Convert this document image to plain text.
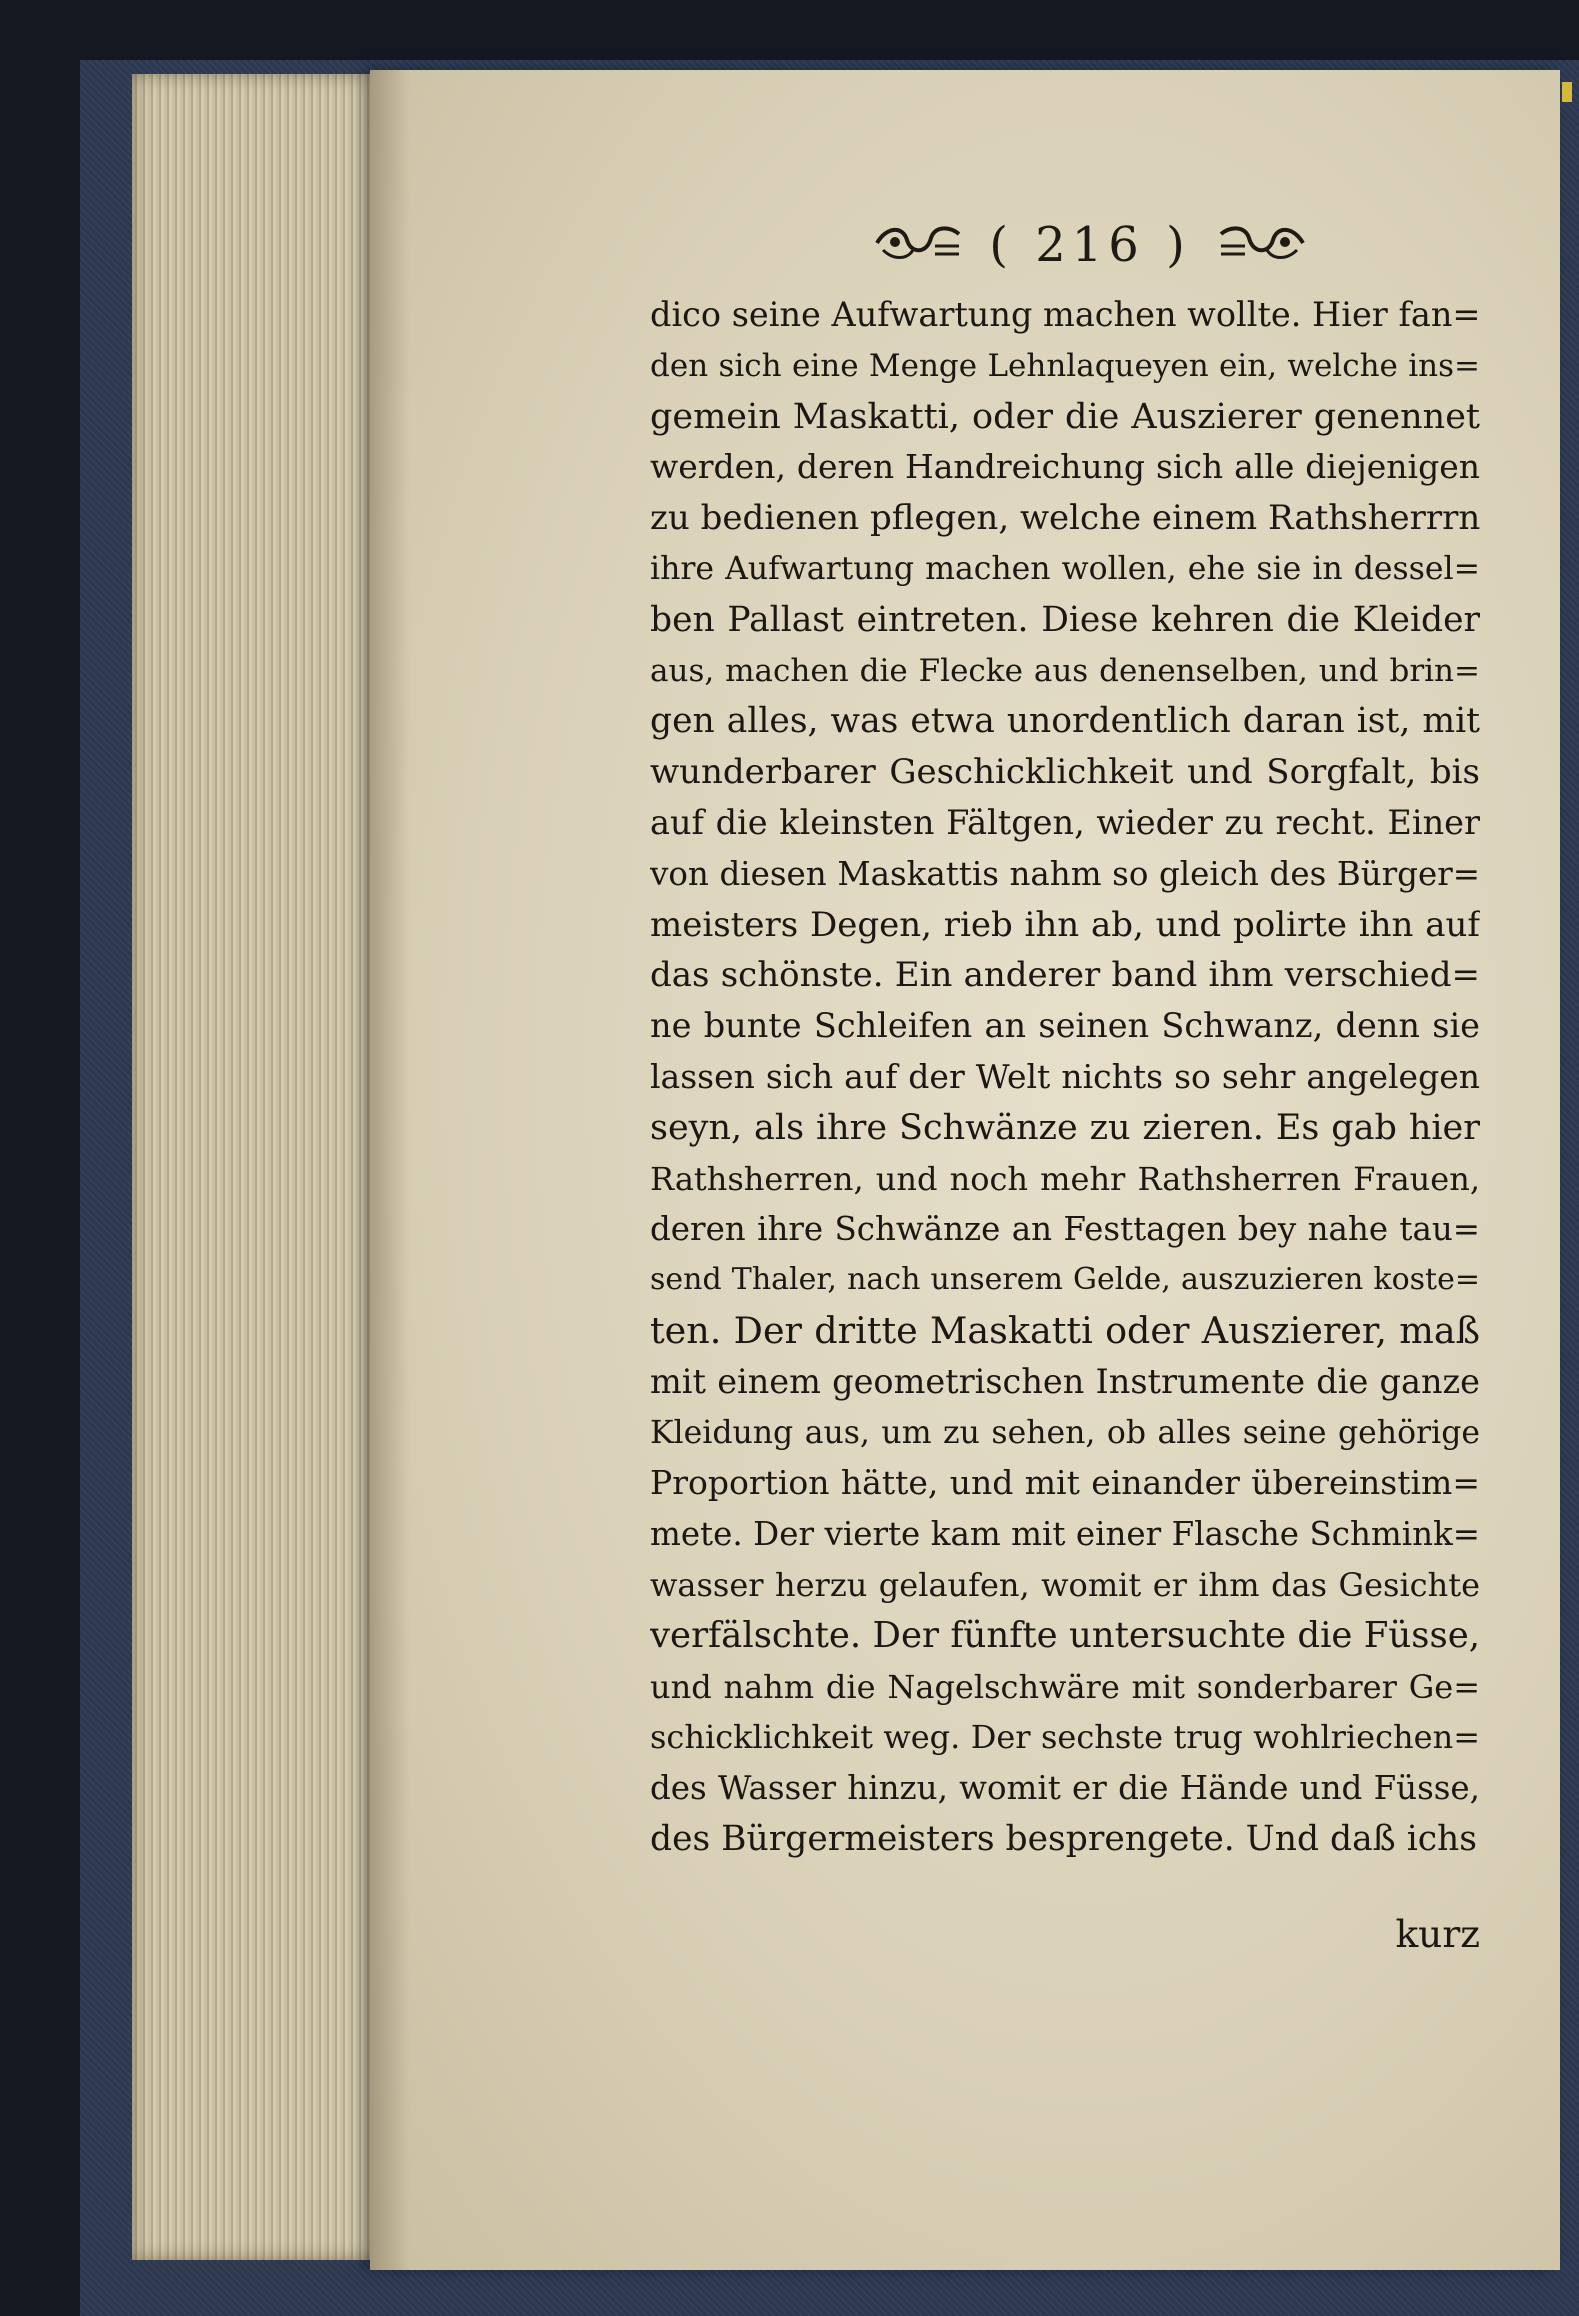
( 216 )
dico seine Aufwartung machen wollte. Hier fan=
den sich eine Menge Lehnlaqueyen ein, welche ins=
gemein Maskatti, oder die Auszierer genennet
werden, deren Handreichung sich alle diejenigen
zu bedienen pflegen, welche einem Rathsherrrn
ihre Aufwartung machen wollen, ehe sie in dessel=
ben Pallast eintreten. Diese kehren die Kleider
aus, machen die Flecke aus denenselben, und brin=
gen alles, was etwa unordentlich daran ist, mit
wunderbarer Geschicklichkeit und Sorgfalt, bis
auf die kleinsten Fältgen, wieder zu recht. Einer
von diesen Maskattis nahm so gleich des Bürger=
meisters Degen, rieb ihn ab, und polirte ihn auf
das schönste. Ein anderer band ihm verschied=
ne bunte Schleifen an seinen Schwanz, denn sie
lassen sich auf der Welt nichts so sehr angelegen
seyn, als ihre Schwänze zu zieren. Es gab hier
Rathsherren, und noch mehr Rathsherren Frauen,
deren ihre Schwänze an Festtagen bey nahe tau=
send Thaler, nach unserem Gelde, auszuzieren koste=
ten. Der dritte Maskatti oder Auszierer, maß
mit einem geometrischen Instrumente die ganze
Kleidung aus, um zu sehen, ob alles seine gehörige
Proportion hätte, und mit einander übereinstim=
mete. Der vierte kam mit einer Flasche Schmink=
wasser herzu gelaufen, womit er ihm das Gesichte
verfälschte. Der fünfte untersuchte die Füsse,
und nahm die Nagelschwäre mit sonderbarer Ge=
schicklichkeit weg. Der sechste trug wohlriechen=
des Wasser hinzu, womit er die Hände und Füsse,
des Bürgermeisters besprengete. Und daß ichs
kurz
